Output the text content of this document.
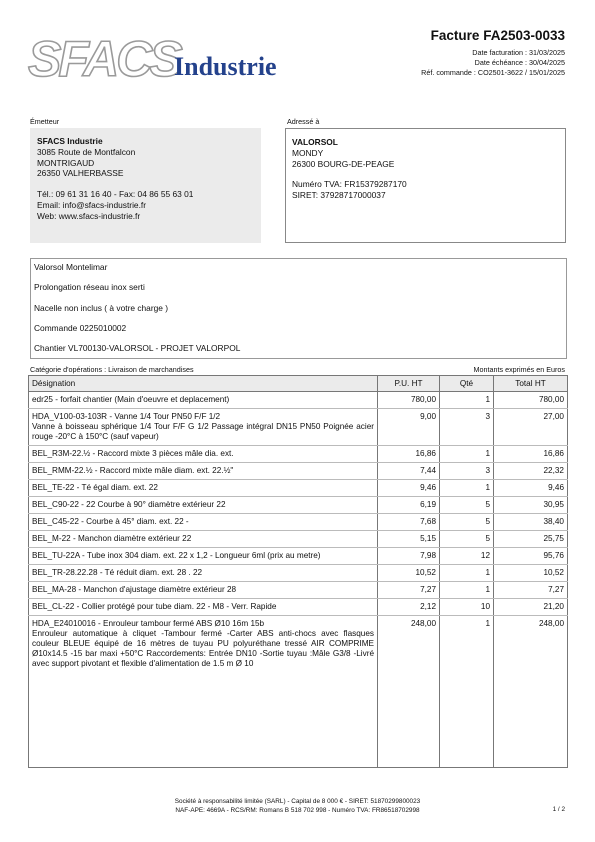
SFACS
Industrie
Facture FA2503-0033
Date facturation : 31/03/2025
Date échéance : 30/04/2025
Réf. commande : CO2501-3622 / 15/01/2025
Émetteur	Adressé à
SFACS Industrie
3085 Route de Montfalcon
MONTRIGAUD
26350 VALHERBASSE
Tél.: 09 61 31 16 40 - Fax: 04 86 55 63 01
Email: info@sfacs-industrie.fr
Web: www.sfacs-industrie.fr
VALORSOL
MONDY
26300 BOURG-DE-PEAGE
Numéro TVA: FR15379287170
SIRET: 37928717000037
Valorsol Montelimar
Prolongation réseau inox serti
Nacelle non inclus ( à votre charge )
Commande 0225010002
Chantier VL700130-VALORSOL - PROJET VALORPOL
Catégorie d'opérations : Livraison de marchandises	Montants exprimés en Euros
Désignation	P.U. HT	Qté	Total HT

edr25 - forfait chantier (Main d'oeuvre et deplacement)	780,00	1	780,00

HDA_V100-03-103R - Vanne 1/4 Tour PN50 F/F 1/2
Vanne à boisseau sphérique 1/4 Tour F/F G 1/2 Passage intégral DN15 PN50 Poignée acier rouge -20°C à 150°C (sauf vapeur)	9,00	3	27,00

BEL_R3M-22.½ - Raccord mixte 3 pièces mâle dia. ext.	16,86	1	16,86

BEL_RMM-22.½ - Raccord mixte mâle diam. ext. 22.½"	7,44	3	22,32

BEL_TE-22 - Té égal diam. ext. 22	9,46	1	9,46

BEL_C90-22 - 22 Courbe à 90° diamètre extérieur 22	6,19	5	30,95

BEL_C45-22 - Courbe à 45° diam. ext. 22 -	7,68	5	38,40

BEL_M-22 - Manchon diamètre extérieur 22	5,15	5	25,75

BEL_TU-22A - Tube inox 304 diam. ext. 22 x 1,2 - Longueur 6ml (prix au metre)	7,98	12	95,76

BEL_TR-28.22.28 - Té réduit diam. ext. 28 . 22	10,52	1	10,52

BEL_MA-28 - Manchon d'ajustage diamètre extérieur 28	7,27	1	7,27

BEL_CL-22 - Collier protégé pour tube diam. 22 - M8 - Verr. Rapide	2,12	10	21,20

HDA_E24010016 - Enrouleur tambour fermé ABS Ø10 16m 15b
Enrouleur automatique à cliquet -Tambour fermé -Carter ABS anti-chocs avec flasques couleur BLEUE équipé de 16 mètres de tuyau PU polyuréthane tressé AIR COMPRIME Ø10x14.5 -15 bar maxi +50°C Raccordements: Entrée DN10 -Sortie tuyau :Mâle G3/8 -Livré avec support pivotant et flexible d'alimentation de 1.5 m Ø 10	248,00	1	248,00
Société à responsabilité limitée (SARL) - Capital de 8 000 € - SIRET: 51870299800023
NAF-APE: 4669A - RCS/RM: Romans B 518 702 998 - Numéro TVA: FR86518702998	1 / 2
